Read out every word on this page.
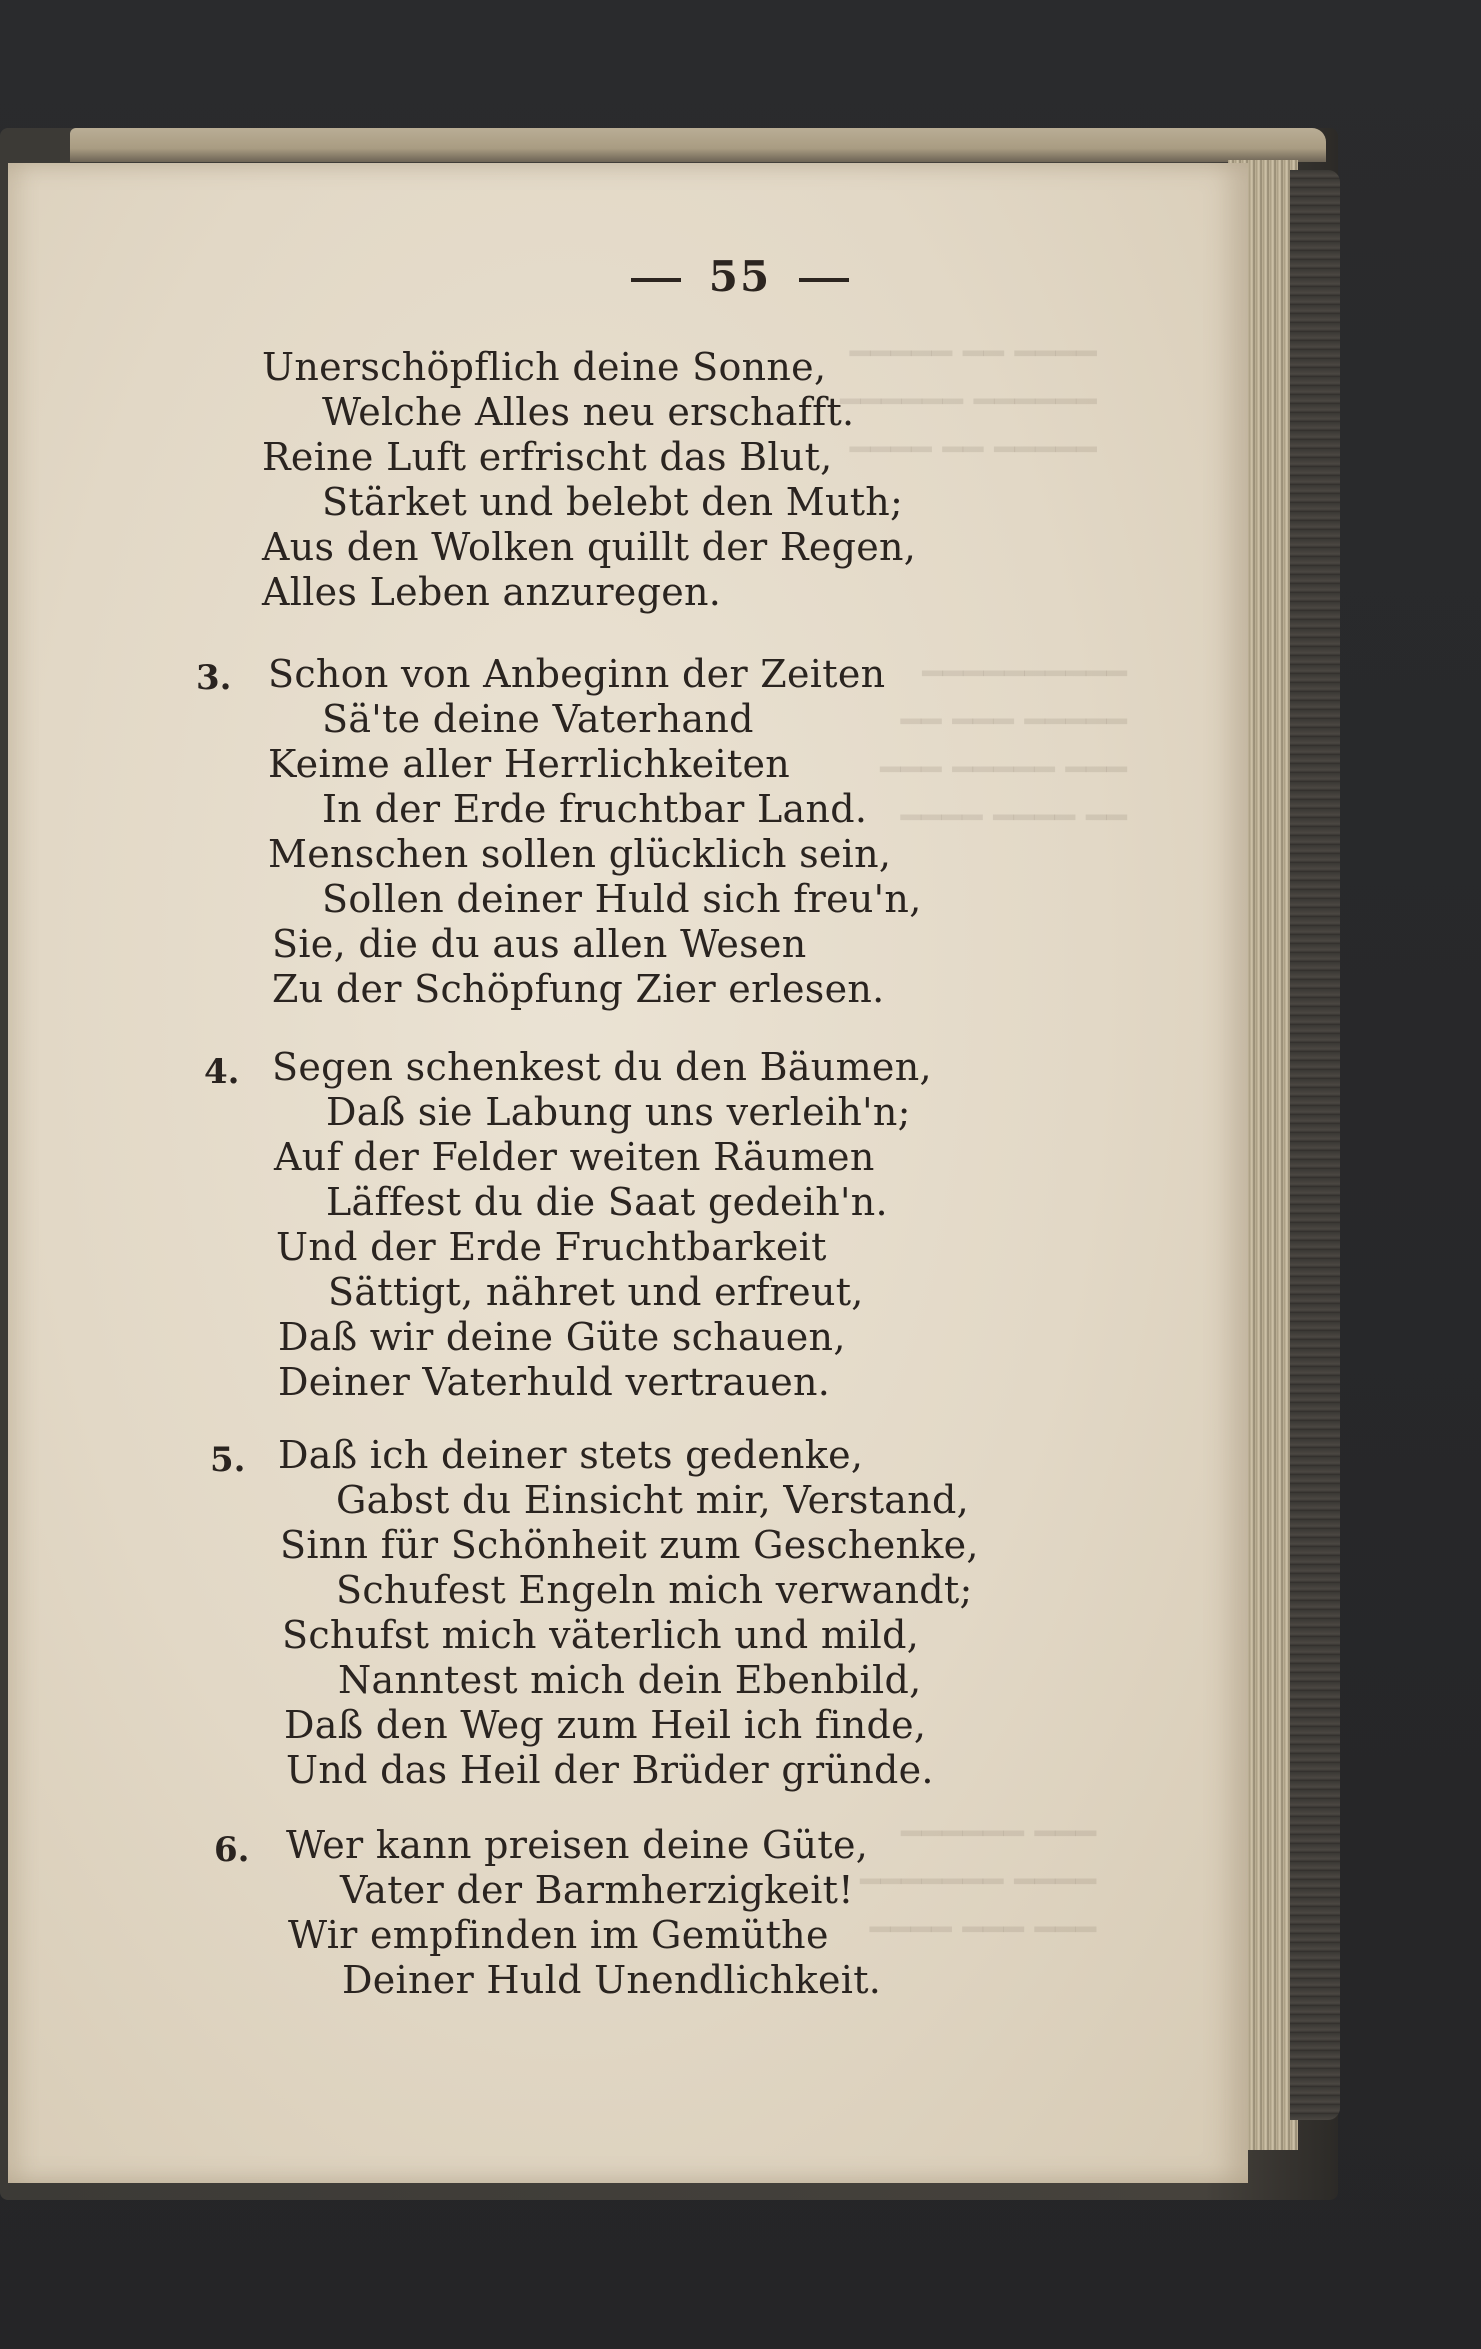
━━━━ ━━ ━━━━━
━━━━━━ ━━━━━━
━━━━━ ━━ ━━━━
━━━━━━━━━━
━━━━━ ━━━ ━━
━━━ ━━━━━ ━━━
━━ ━━━━ ━━━━
━━━ ━━━━━━
━━━━ ━━━━━━━
━━━ ━━━ ━━━━
55
Unerschöpflich deine Sonne,
Welche Alles neu erschafft.
Reine Luft erfrischt das Blut,
Stärket und belebt den Muth;
Aus den Wolken quillt der Regen,
Alles Leben anzuregen.
3. Schon von Anbeginn der Zeiten
Sä'te deine Vaterhand
Keime aller Herrlichkeiten
In der Erde fruchtbar Land.
Menschen sollen glücklich sein,
Sollen deiner Huld sich freu'n,
Sie, die du aus allen Wesen
Zu der Schöpfung Zier erlesen.
4. Segen schenkest du den Bäumen,
Daß sie Labung uns verleih'n;
Auf der Felder weiten Räumen
Läffest du die Saat gedeih'n.
Und der Erde Fruchtbarkeit
Sättigt, nähret und erfreut,
Daß wir deine Güte schauen,
Deiner Vaterhuld vertrauen.
5. Daß ich deiner stets gedenke,
Gabst du Einsicht mir, Verstand,
Sinn für Schönheit zum Geschenke,
Schufest Engeln mich verwandt;
Schufst mich väterlich und mild,
Nanntest mich dein Ebenbild,
Daß den Weg zum Heil ich finde,
Und das Heil der Brüder gründe.
6. Wer kann preisen deine Güte,
Vater der Barmherzigkeit!
Wir empfinden im Gemüthe
Deiner Huld Unendlichkeit.
